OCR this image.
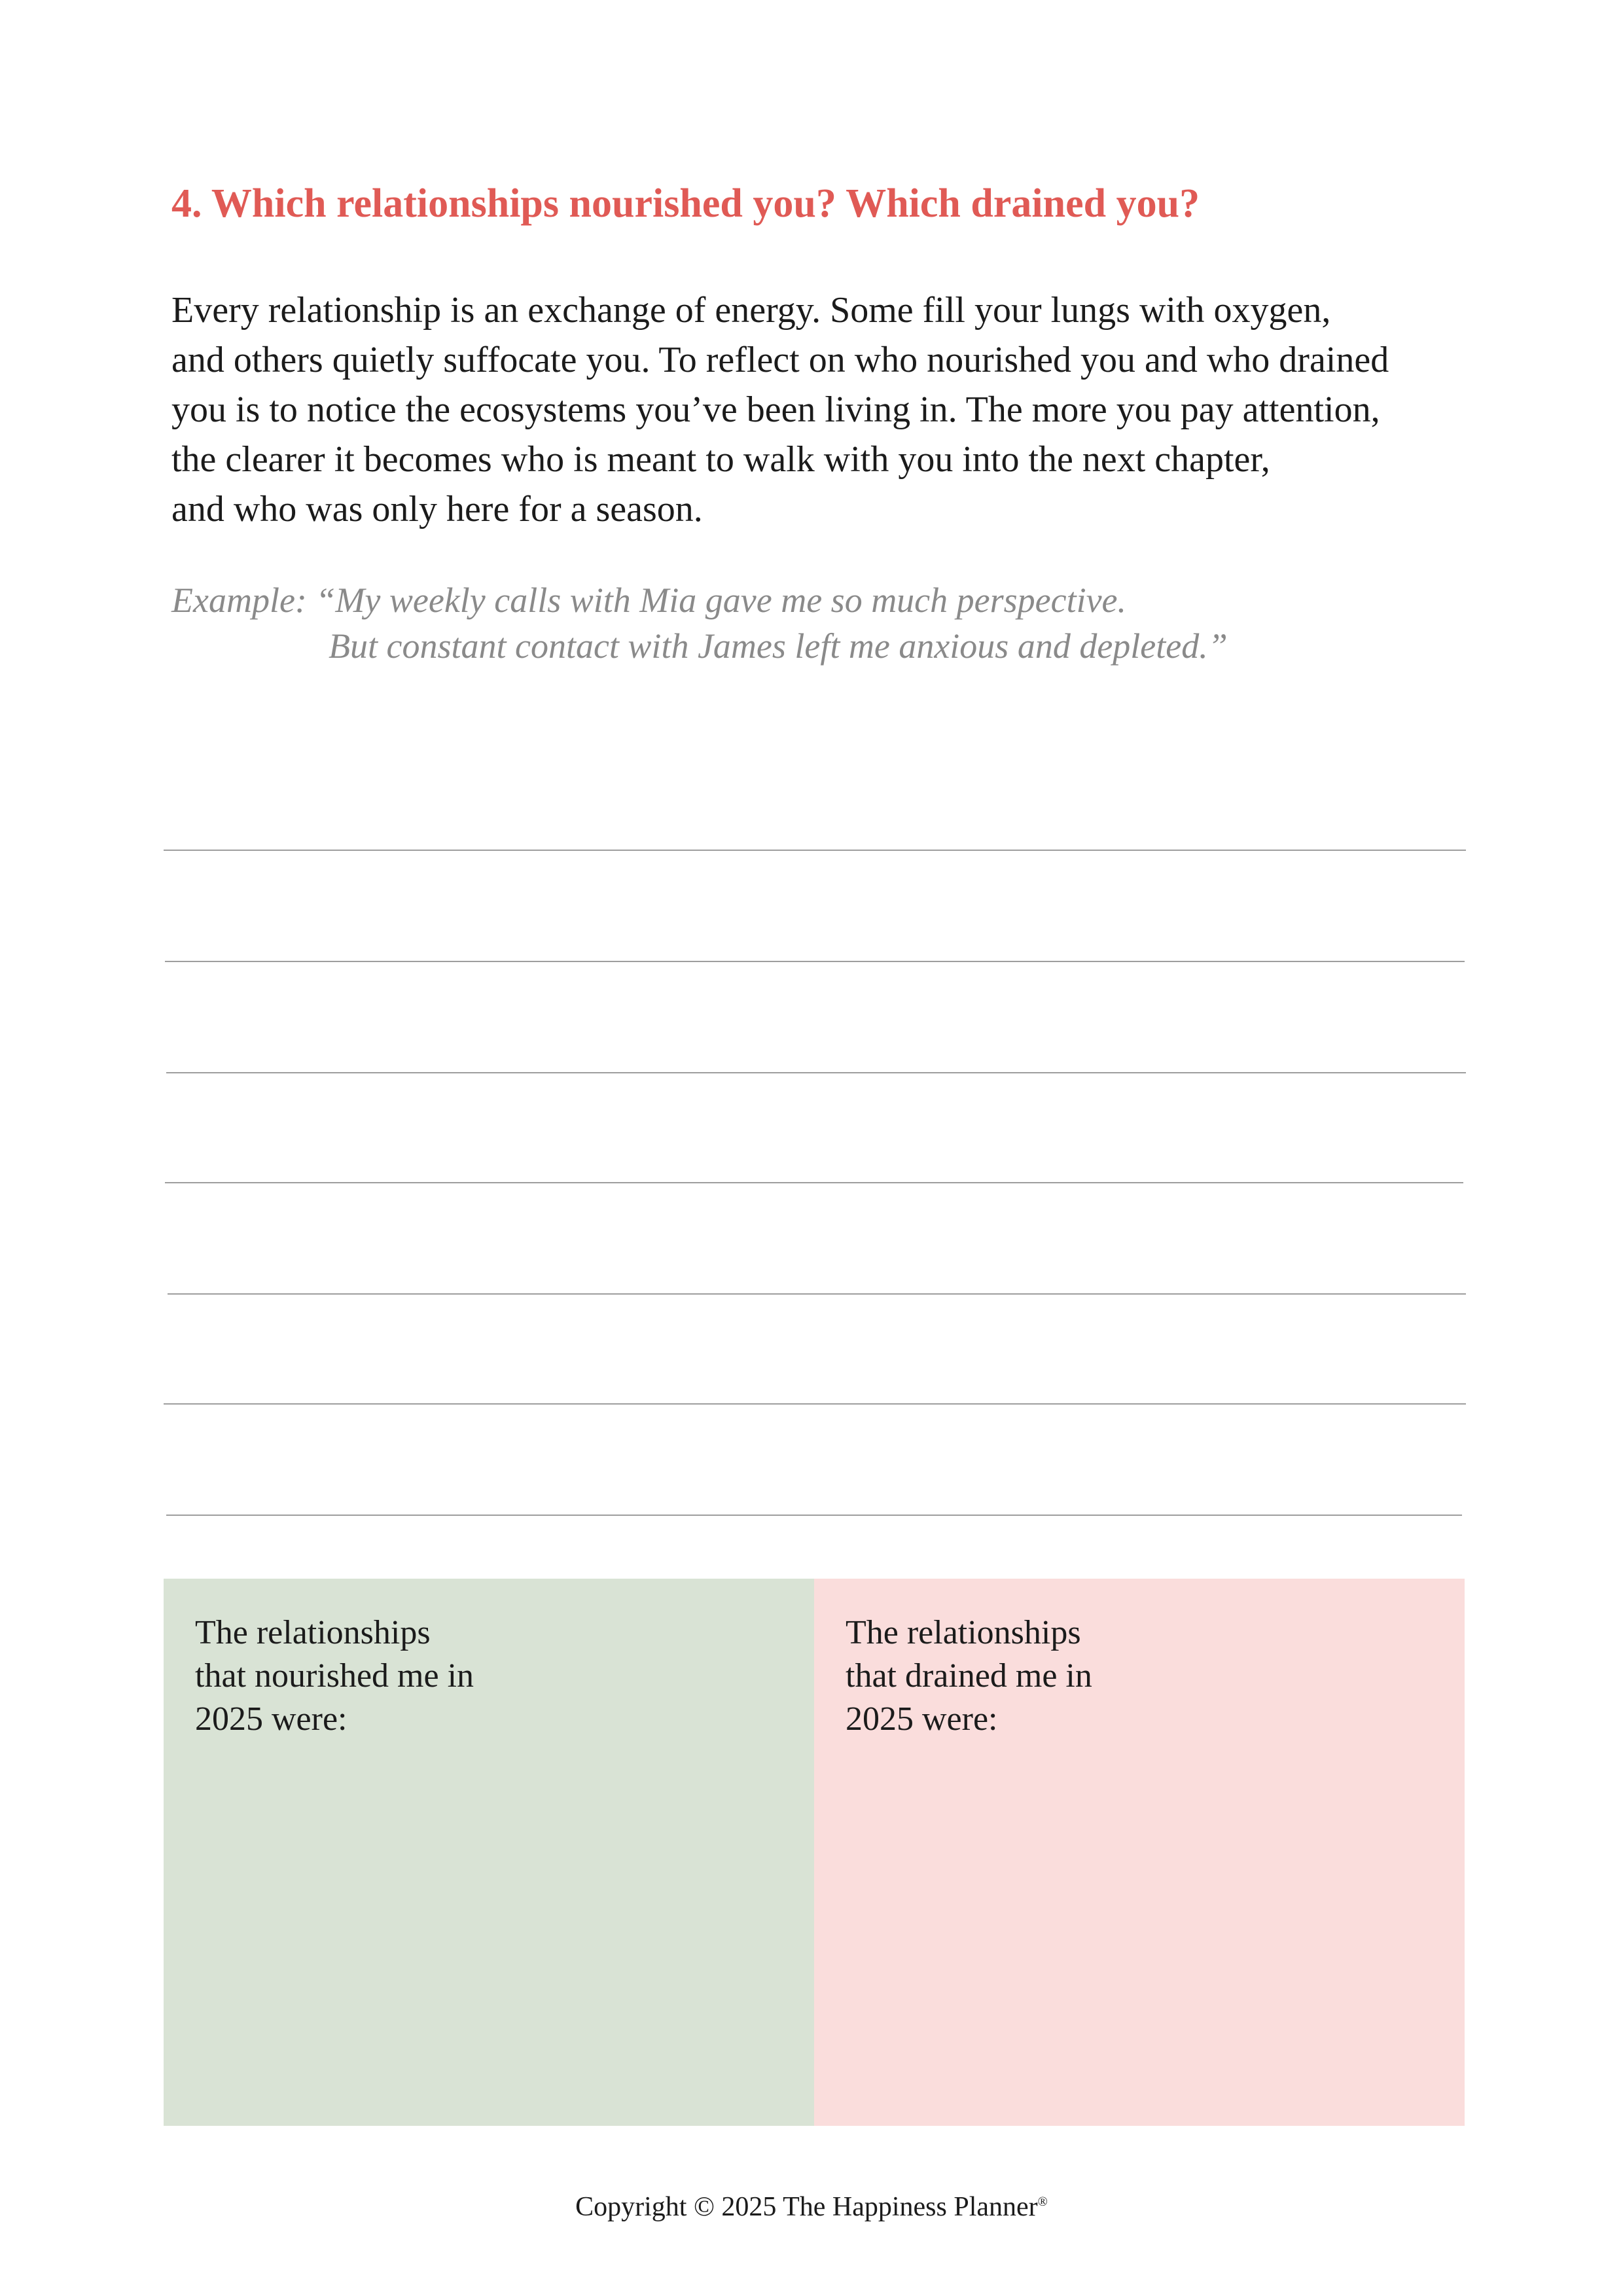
4. Which relationships nourished you? Which drained you?
Every relationship is an exchange of energy. Some fill your lungs with oxygen,
and others quietly suffocate you. To reflect on who nourished you and who drained
you is to notice the ecosystems you’ve been living in. The more you pay attention,
the clearer it becomes who is meant to walk with you into the next chapter,
and who was only here for a season.
Example: “My weekly calls with Mia gave me so much perspective.
But constant contact with James left me anxious and depleted.”
The relationships that nourished me in 2025 were:
The relationships that drained me in 2025 were:
Copyright © 2025 The Happiness Planner®
